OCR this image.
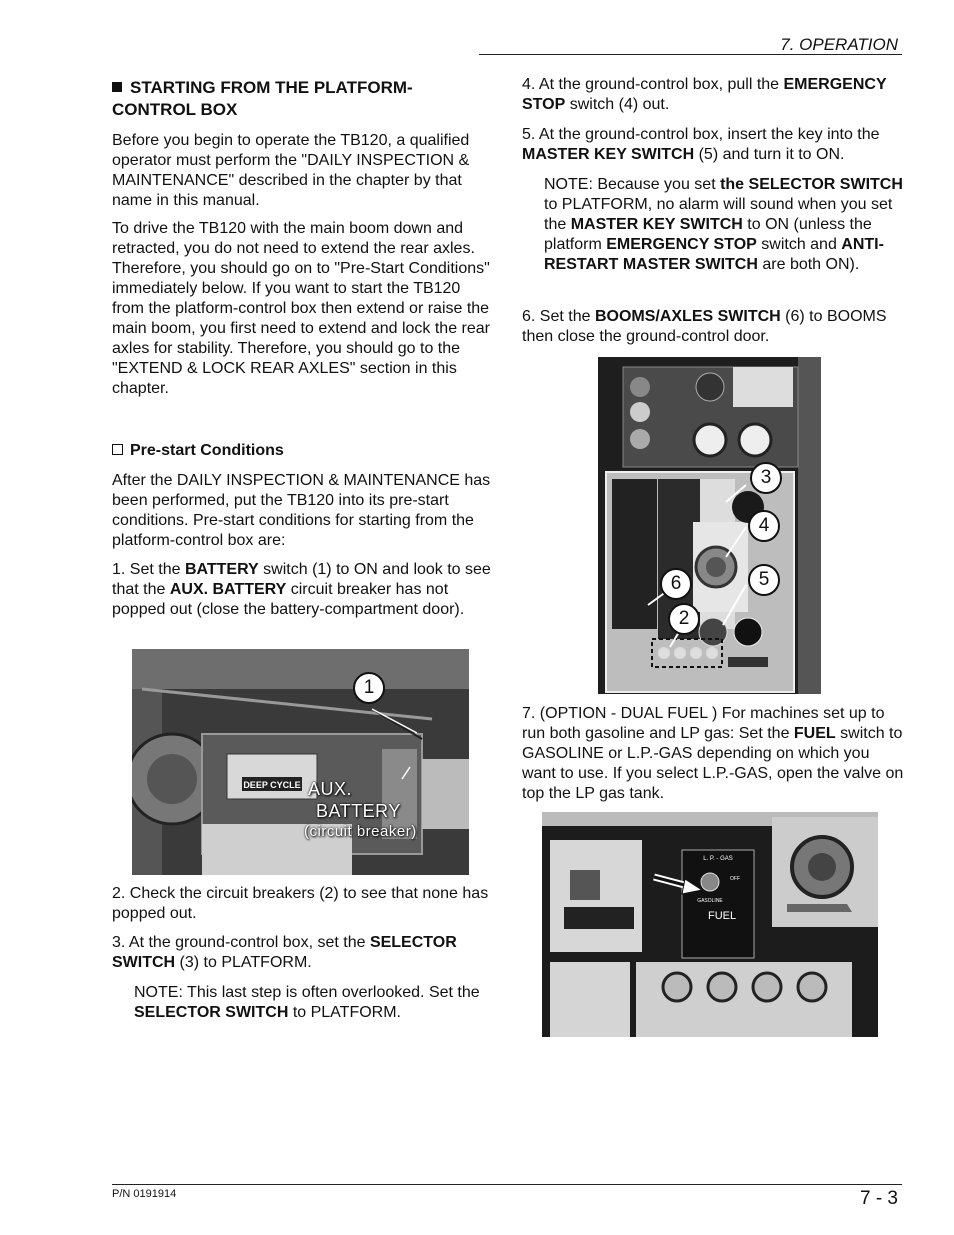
7. OPERATION
STARTING FROM THE PLATFORM-CONTROL BOX

Before you begin to operate the TB120, a qualified operator must perform the "DAILY INSPECTION & MAINTENANCE" described in the chapter by that name in this manual.

To drive the TB120 with the main boom down and retracted, you do not need to extend the rear axles. Therefore, you should go on to "Pre-Start Conditions" immediately below. If you want to start the TB120 from the platform-control box then extend or raise the main boom, you first need to extend and lock the rear axles for stability. Therefore, you should go to the "EXTEND & LOCK REAR AXLES" section in this chapter.

Pre-start Conditions

After the DAILY INSPECTION & MAINTENANCE has been performed, put the TB120 into its pre-start conditions. Pre-start conditions for starting from the platform-control box are:

1. Set the BATTERY switch (1) to ON and look to see that the AUX. BATTERY circuit breaker has not popped out (close the battery-compartment door).

DEEP CYCLE
1
AUX.
BATTERY
(circuit breaker)

2. Check the circuit breakers (2) to see that none has popped out.

3. At the ground-control box, set the SELECTOR SWITCH (3) to PLATFORM.

NOTE: This last step is often overlooked. Set the SELECTOR SWITCH to PLATFORM.

4. At the ground-control box, pull the EMERGENCY STOP switch (4) out.

5. At the ground-control box, insert the key into the MASTER KEY SWITCH (5) and turn it to ON.

NOTE: Because you set the SELECTOR SWITCH to PLATFORM, no alarm will sound when you set the MASTER KEY SWITCH to ON (unless the platform EMERGENCY STOP switch and ANTI-RESTART MASTER SWITCH are both ON).

6. Set the BOOMS/AXLES SWITCH (6) to BOOMS then close the ground-control door.

3
4
5
6
2

7. (OPTION - DUAL FUEL ) For machines set up to run both gasoline and LP gas: Set the FUEL switch to GASOLINE or L.P.-GAS depending on which you want to use. If you select L.P.-GAS, open the valve on top the LP gas tank.

L. P. - GAS
OFF
GASOLINE
FUEL
P/N 0191914	7 - 3
